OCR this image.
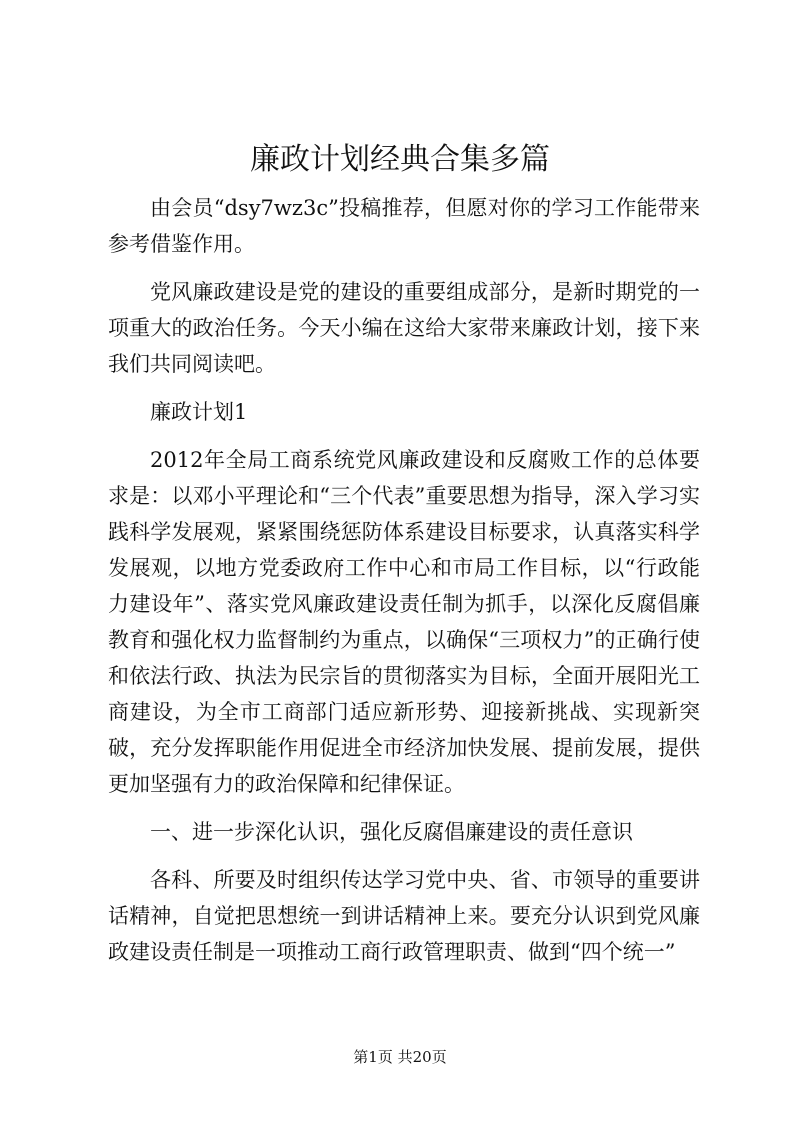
廉政计划经典合集多篇

由会员“dsy7wz3c”投稿推荐，但愿对你的学习工作能带来参考借鉴作用。

党风廉政建设是党的建设的重要组成部分，是新时期党的一项重大的政治任务。今天小编在这给大家带来廉政计划，接下来我们共同阅读吧。

廉政计划1

2012年全局工商系统党风廉政建设和反腐败工作的总体要求是：以邓小平理论和“三个代表”重要思想为指导，深入学习实践科学发展观，紧紧围绕惩防体系建设目标要求，认真落实科学发展观，以地方党委政府工作中心和市局工作目标，以“行政能力建设年”、落实党风廉政建设责任制为抓手，以深化反腐倡廉教育和强化权力监督制约为重点，以确保“三项权力”的正确行使和依法行政、执法为民宗旨的贯彻落实为目标，全面开展阳光工商建设，为全市工商部门适应新形势、迎接新挑战、实现新突破，充分发挥职能作用促进全市经济加快发展、提前发展，提供更加坚强有力的政治保障和纪律保证。

一、进一步深化认识，强化反腐倡廉建设的责任意识

各科、所要及时组织传达学习党中央、省、市领导的重要讲话精神，自觉把思想统一到讲话精神上来。要充分认识到党风廉政建设责任制是一项推动工商行政管理职责、做到“四个统一”

第1页 共20页
